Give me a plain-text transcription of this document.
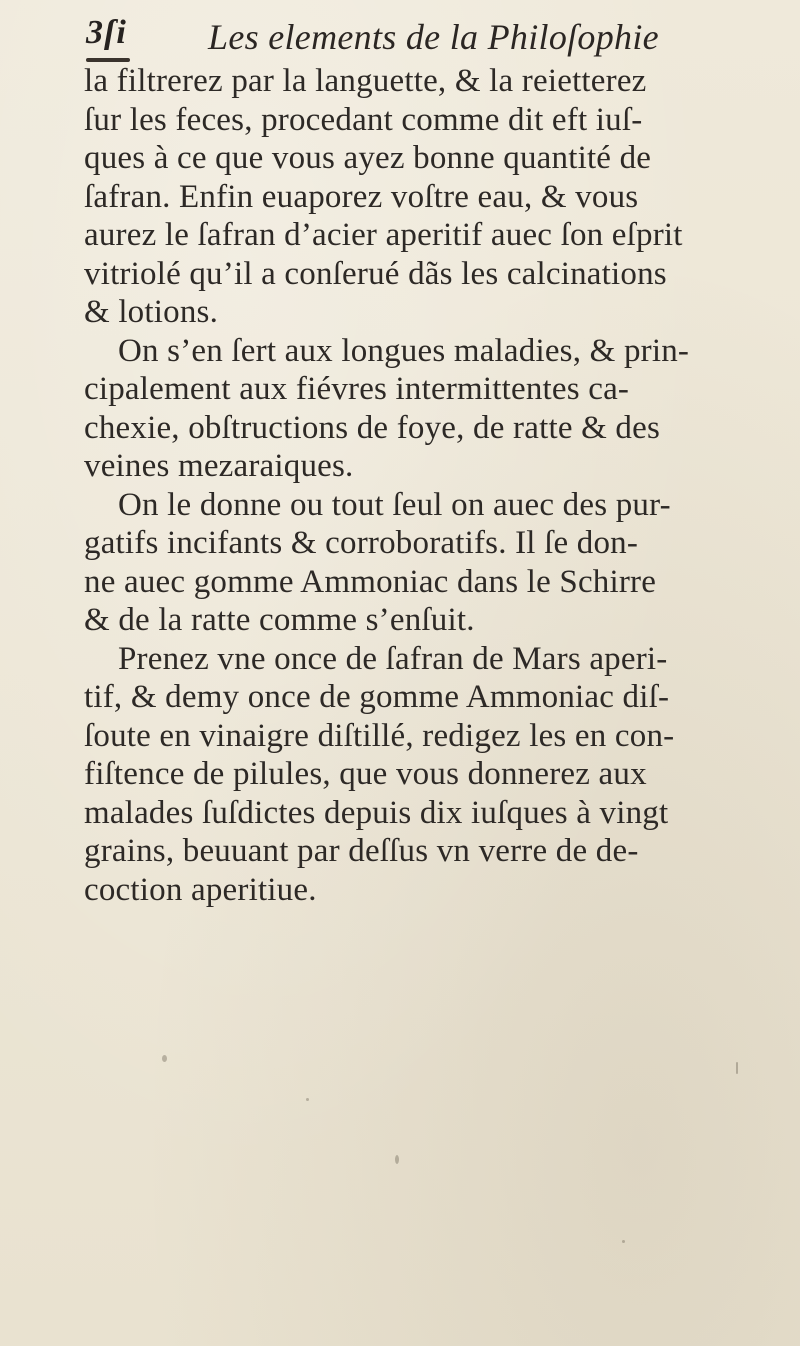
3ſi Les elements de la Philoſophie
la filtrerez par la languette, & la reietterez
ſur les feces, procedant comme dit eft iuſ-
ques à ce que vous ayez bonne quantité de
ſafran. Enfin euaporez voſtre eau, & vous
aurez le ſafran d’acier aperitif auec ſon eſprit
vitriolé qu’il a conſerué dãs les calcinations
& lotions.
On s’en ſert aux longues maladies, & prin-
cipalement aux fiévres intermittentes ca-
chexie, obſtructions de foye, de ratte & des
veines mezaraiques.
On le donne ou tout ſeul on auec des pur-
gatifs incifants & corroboratifs. Il ſe don-
ne auec gomme Ammoniac dans le Schirre
& de la ratte comme s’enſuit.
Prenez vne once de ſafran de Mars aperi-
tif, & demy once de gomme Ammoniac diſ-
ſoute en vinaigre diſtillé, redigez les en con-
fiſtence de pilules, que vous donnerez aux
malades ſuſdictes depuis dix iuſques à vingt
grains, beuuant par deſſus vn verre de de-
coction aperitiue.
